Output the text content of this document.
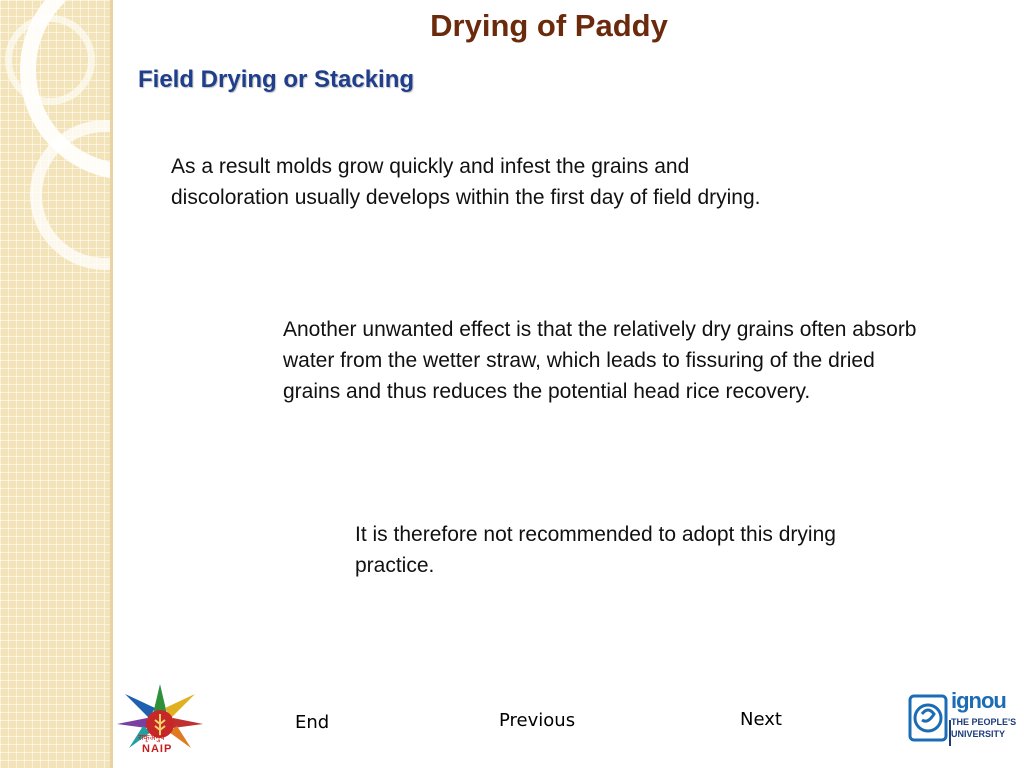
Drying of Paddy
Field Drying or Stacking

As a result molds grow quickly and infest the grains and discoloration usually develops within the first day of field drying.

Another unwanted effect is that the relatively dry grains often absorb water from the wetter straw, which leads to fissuring of the dried grains and thus reduces the potential head rice recovery.

It is therefore not recommended to adopt this drying practice.

राकृअनुप
NAIP
End	Previous	Next
ignou
THE PEOPLE'S
UNIVERSITY
